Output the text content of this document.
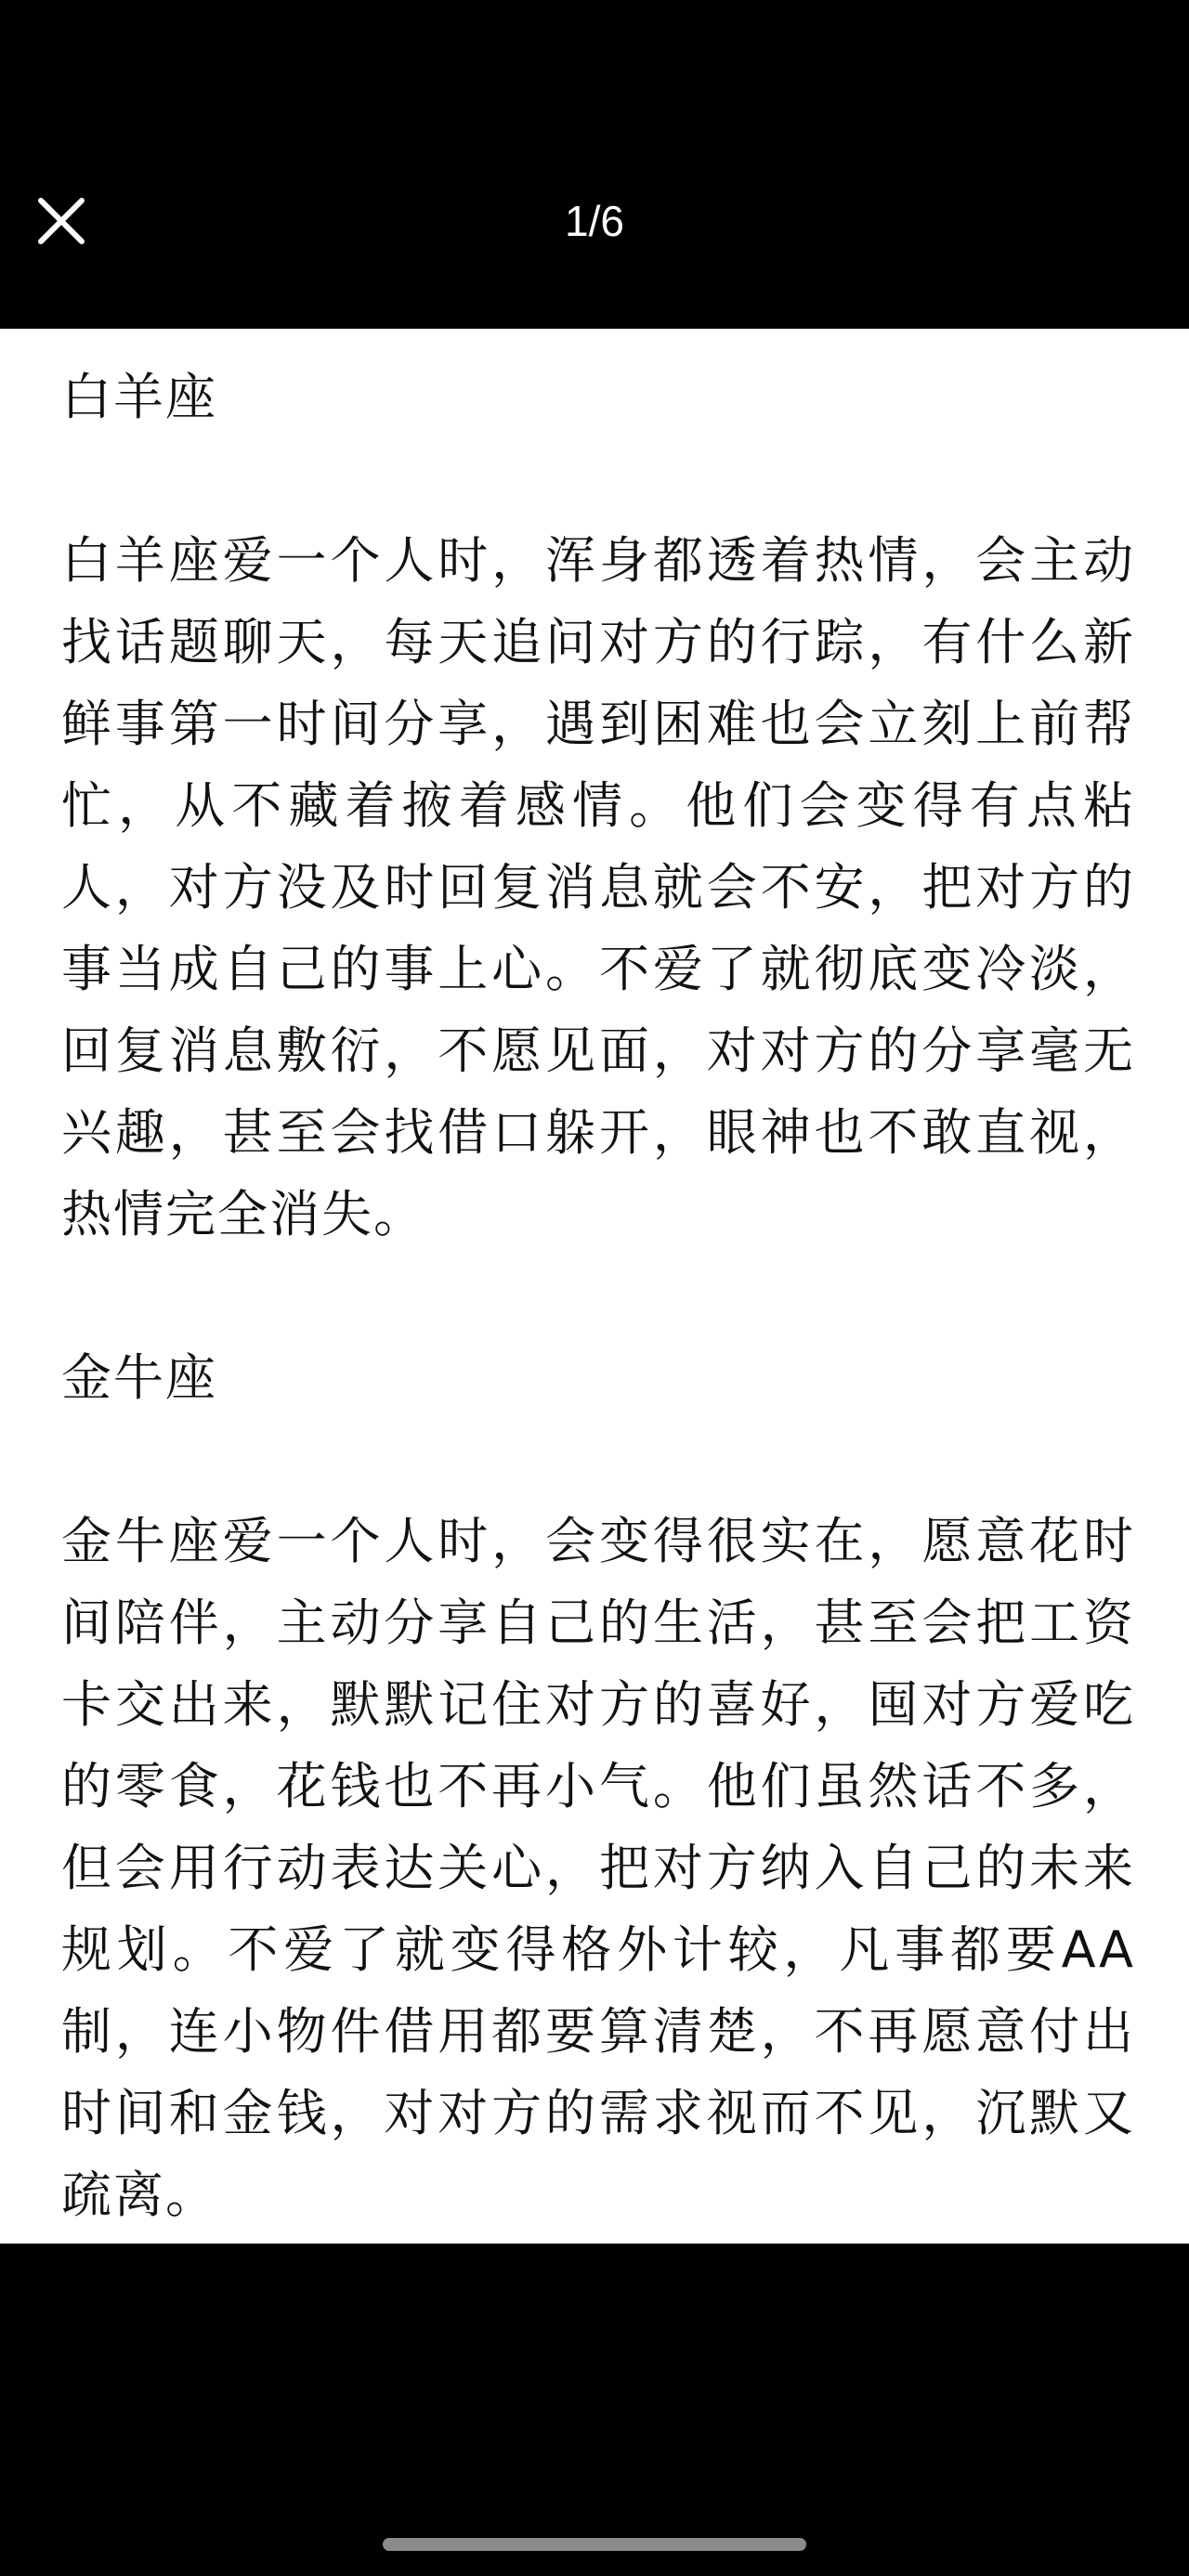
1/6

白羊座

白羊座爱一个人时，浑身都透着热情，会主动找话题聊天，每天追问对方的行踪，有什么新鲜事第一时间分享，遇到困难也会立刻上前帮忙，从不藏着掖着感情。他们会变得有点粘人，对方没及时回复消息就会不安，把对方的事当成自己的事上心。不爱了就彻底变冷淡，回复消息敷衍，不愿见面，对对方的分享毫无兴趣，甚至会找借口躲开，眼神也不敢直视，热情完全消失。

金牛座

金牛座爱一个人时，会变得很实在，愿意花时间陪伴，主动分享自己的生活，甚至会把工资卡交出来，默默记住对方的喜好，囤对方爱吃的零食，花钱也不再小气。他们虽然话不多，但会用行动表达关心，把对方纳入自己的未来规划。不爱了就变得格外计较，凡事都要AA制，连小物件借用都要算清楚，不再愿意付出时间和金钱，对对方的需求视而不见，沉默又疏离。
